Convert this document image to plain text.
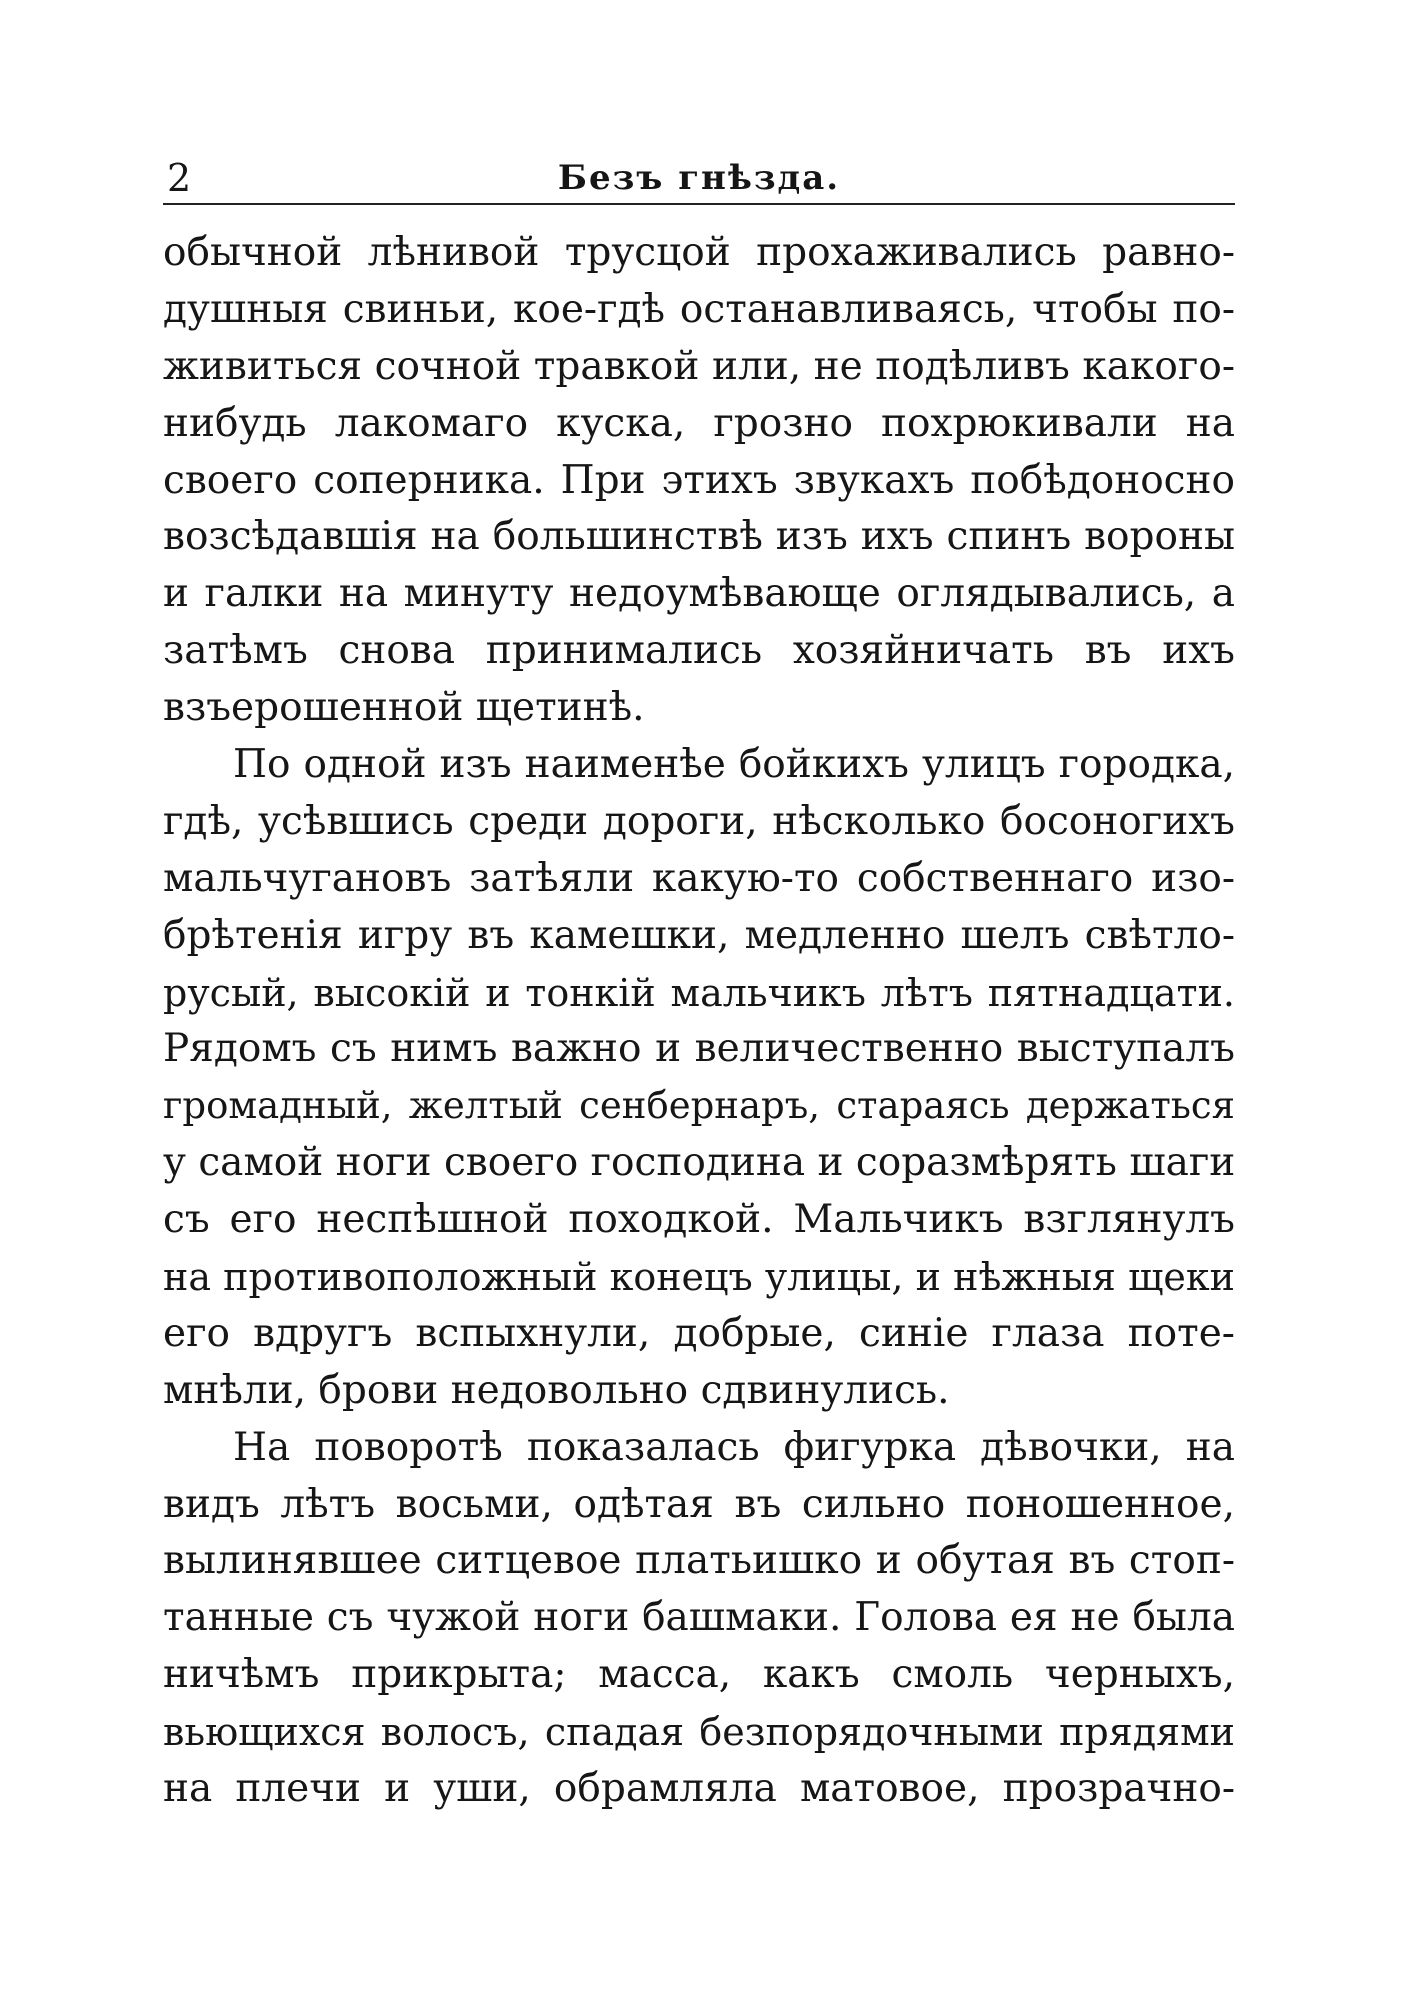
2	Безъ гнѣзда.
обычной лѣнивой трусцой прохаживались равно-
душныя свиньи, кое-гдѣ останавливаясь, чтобы по-
живиться сочной травкой или, не подѣливъ какого-
нибудь лакомаго куска, грозно похрюкивали на
своего соперника. При этихъ звукахъ побѣдоносно
возсѣдавшія на большинствѣ изъ ихъ спинъ вороны
и галки на минуту недоумѣвающе оглядывались, а
затѣмъ снова принимались хозяйничать въ ихъ
взъерошенной щетинѣ.
По одной изъ наименѣе бойкихъ улицъ городка,
гдѣ, усѣвшись среди дороги, нѣсколько босоногихъ
мальчугановъ затѣяли какую-то собственнаго изо-
брѣтенія игру въ камешки, медленно шелъ свѣтло-
русый, высокій и тонкій мальчикъ лѣтъ пятнадцати.
Рядомъ съ нимъ важно и величественно выступалъ
громадный, желтый сенбернаръ, стараясь держаться
у самой ноги своего господина и соразмѣрять шаги
съ его неспѣшной походкой. Мальчикъ взглянулъ
на противоположный конецъ улицы, и нѣжныя щеки
его вдругъ вспыхнули, добрые, синіе глаза поте-
мнѣли, брови недовольно сдвинулись.
На поворотѣ показалась фигурка дѣвочки, на
видъ лѣтъ восьми, одѣтая въ сильно поношенное,
вылинявшее ситцевое платьишко и обутая въ стоп-
танные съ чужой ноги башмаки. Голова ея не была
ничѣмъ прикрыта; масса, какъ смоль черныхъ,
вьющихся волосъ, спадая безпорядочными прядями
на плечи и уши, обрамляла матовое, прозрачно-
